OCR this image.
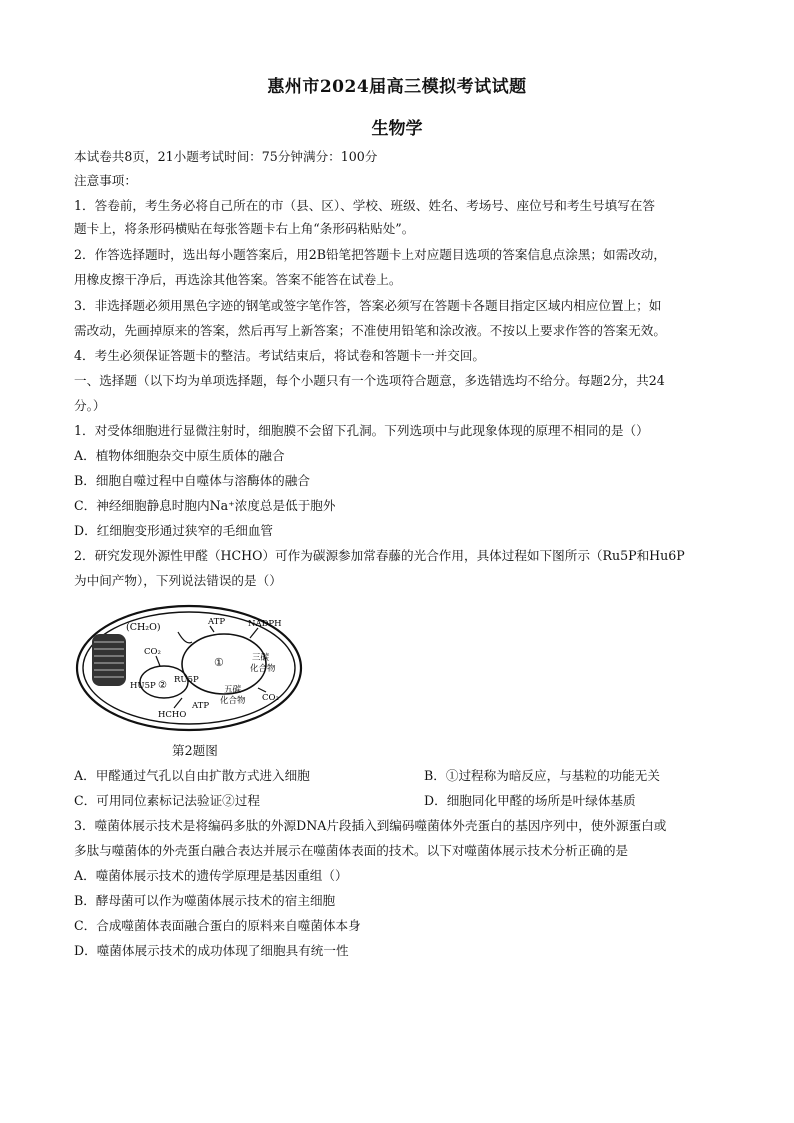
惠州市2024届高三模拟考试试题
生物学
本试卷共8页，21小题考试时间：75分钟满分：100分
注意事项：
1．答卷前，考生务必将自己所在的市（县、区）、学校、班级、姓名、考场号、座位号和考生号填写在答
题卡上，将条形码横贴在每张答题卡右上角“条形码粘贴处”。
2．作答选择题时，选出每小题答案后，用2B铅笔把答题卡上对应题目选项的答案信息点涂黑；如需改动，
用橡皮擦干净后，再选涂其他答案。答案不能答在试卷上。
3．非选择题必须用黑色字迹的钢笔或签字笔作答，答案必须写在答题卡各题目指定区域内相应位置上；如
需改动，先画掉原来的答案，然后再写上新答案；不准使用铅笔和涂改液。不按以上要求作答的答案无效。
4．考生必须保证答题卡的整洁。考试结束后，将试卷和答题卡一并交回。
一、选择题（以下均为单项选择题，每个小题只有一个选项符合题意，多选错选均不给分。每题2分，共24
分。）
1．对受体细胞进行显微注射时，细胞膜不会留下孔洞。下列选项中与此现象体现的原理不相同的是（）
A．植物体细胞杂交中原生质体的融合
B．细胞自噬过程中自噬体与溶酶体的融合
C．神经细胞静息时胞内Na⁺浓度总是低于胞外
D．红细胞变形通过狭窄的毛细血管
2．研究发现外源性甲醛（HCHO）可作为碳源参加常春藤的光合作用，具体过程如下图所示（Ru5P和Hu6P
为中间产物），下列说法错误的是（）
(CH₂O)	ATP	NADPH
CO₂
①	三碳
化合物
HU5P ② RU5P
五碳
化合物 CO₂
HCHO
ATP
第2题图
A．甲醛通过气孔以自由扩散方式进入细胞	B．①过程称为暗反应，与基粒的功能无关
C．可用同位素标记法验证②过程	D．细胞同化甲醛的场所是叶绿体基质
3．噬菌体展示技术是将编码多肽的外源DNA片段插入到编码噬菌体外壳蛋白的基因序列中，使外源蛋白或
多肽与噬菌体的外壳蛋白融合表达并展示在噬菌体表面的技术。以下对噬菌体展示技术分析正确的是
A．噬菌体展示技术的遗传学原理是基因重组（）
B．酵母菌可以作为噬菌体展示技术的宿主细胞
C．合成噬菌体表面融合蛋白的原料来自噬菌体本身
D．噬菌体展示技术的成功体现了细胞具有统一性
